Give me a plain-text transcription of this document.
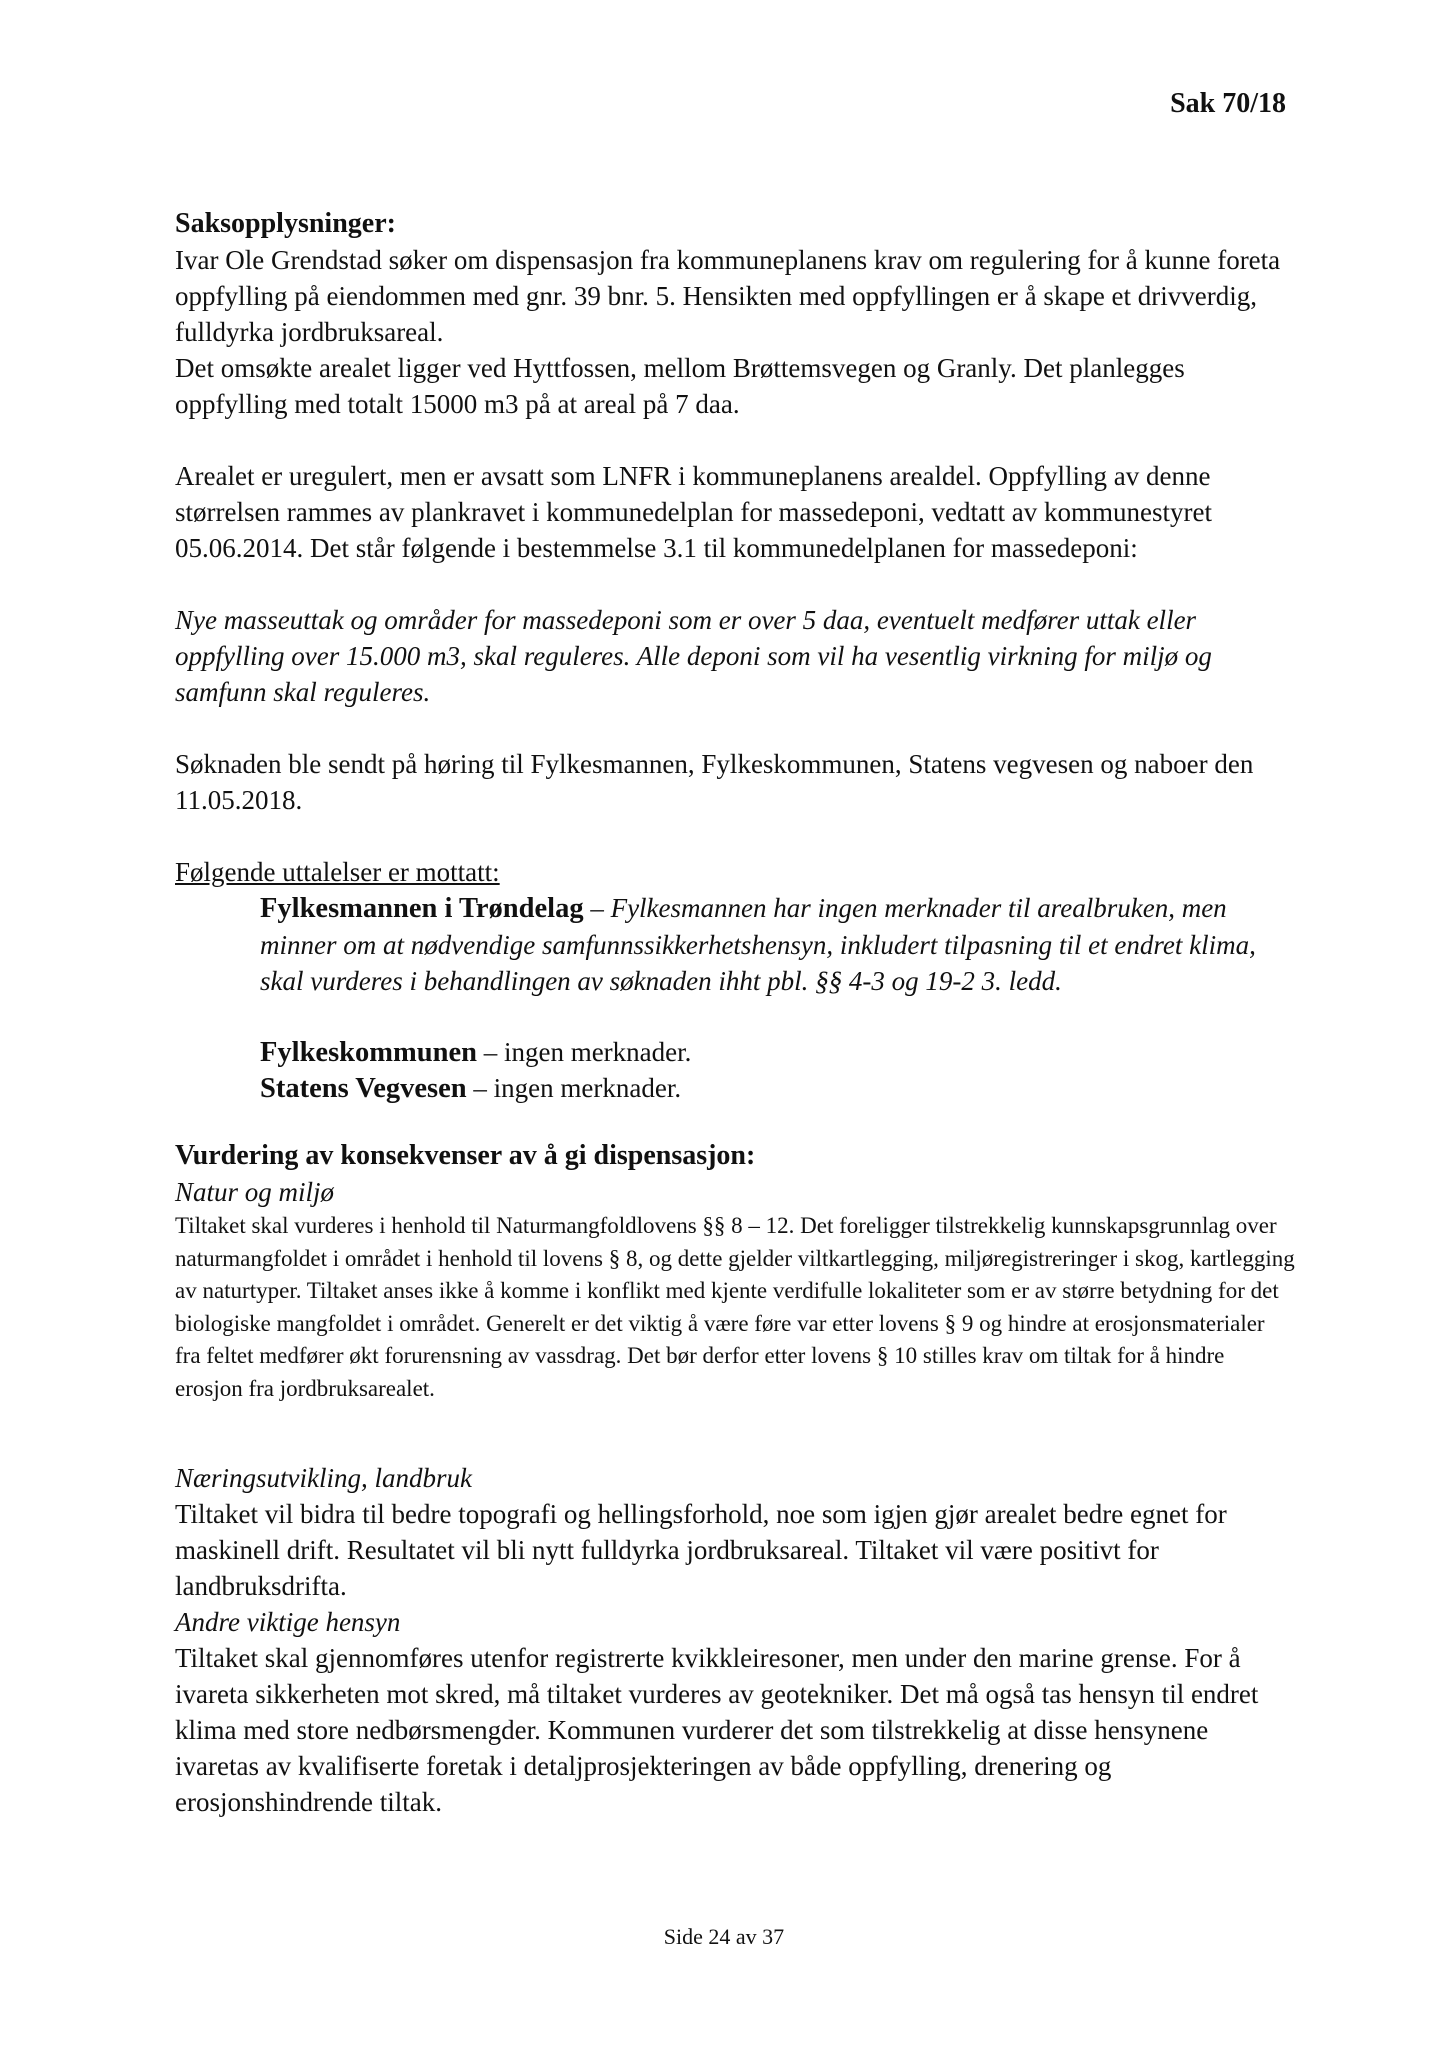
Sak 70/18
Saksopplysninger:

Ivar Ole Grendstad søker om dispensasjon fra kommuneplanens krav om regulering for å kunne foreta oppfylling på eiendommen med gnr. 39 bnr. 5. Hensikten med oppfyllingen er å skape et drivverdig, fulldyrka jordbruksareal.

Det omsøkte arealet ligger ved Hyttfossen, mellom Brøttemsvegen og Granly. Det planlegges oppfylling med totalt 15000 m3 på at areal på 7 daa.

Arealet er uregulert, men er avsatt som LNFR i kommuneplanens arealdel. Oppfylling av denne størrelsen rammes av plankravet i kommunedelplan for massedeponi, vedtatt av kommunestyret 05.06.2014. Det står følgende i bestemmelse 3.1 til kommunedelplanen for massedeponi:

Nye masseuttak og områder for massedeponi som er over 5 daa, eventuelt medfører uttak eller oppfylling over 15.000 m3, skal reguleres. Alle deponi som vil ha vesentlig virkning for miljø og samfunn skal reguleres.

Søknaden ble sendt på høring til Fylkesmannen, Fylkeskommunen, Statens vegvesen og naboer den 11.05.2018.

Følgende uttalelser er mottatt:

Fylkesmannen i Trøndelag – Fylkesmannen har ingen merknader til arealbruken, men minner om at nødvendige samfunnssikkerhetshensyn, inkludert tilpasning til et endret klima, skal vurderes i behandlingen av søknaden ihht pbl. §§ 4-3 og 19-2 3. ledd.

Fylkeskommunen – ingen merknader.

Statens Vegvesen – ingen merknader.

Vurdering av konsekvenser av å gi dispensasjon:

Natur og miljø

Tiltaket skal vurderes i henhold til Naturmangfoldlovens §§ 8 – 12. Det foreligger tilstrekkelig kunnskapsgrunnlag over naturmangfoldet i området i henhold til lovens § 8, og dette gjelder viltkartlegging, miljøregistreringer i skog, kartlegging av naturtyper. Tiltaket anses ikke å komme i konflikt med kjente verdifulle lokaliteter som er av større betydning for det biologiske mangfoldet i området. Generelt er det viktig å være føre var etter lovens § 9 og hindre at erosjonsmaterialer fra feltet medfører økt forurensning av vassdrag. Det bør derfor etter lovens § 10 stilles krav om tiltak for å hindre erosjon fra jordbruksarealet.

Næringsutvikling, landbruk

Tiltaket vil bidra til bedre topografi og hellingsforhold, noe som igjen gjør arealet bedre egnet for maskinell drift. Resultatet vil bli nytt fulldyrka jordbruksareal. Tiltaket vil være positivt for landbruksdrifta.

Andre viktige hensyn

Tiltaket skal gjennomføres utenfor registrerte kvikkleiresoner, men under den marine grense. For å ivareta sikkerheten mot skred, må tiltaket vurderes av geotekniker. Det må også tas hensyn til endret klima med store nedbørsmengder. Kommunen vurderer det som tilstrekkelig at disse hensynene ivaretas av kvalifiserte foretak i detaljprosjekteringen av både oppfylling, drenering og erosjonshindrende tiltak.

Side 24 av 37
